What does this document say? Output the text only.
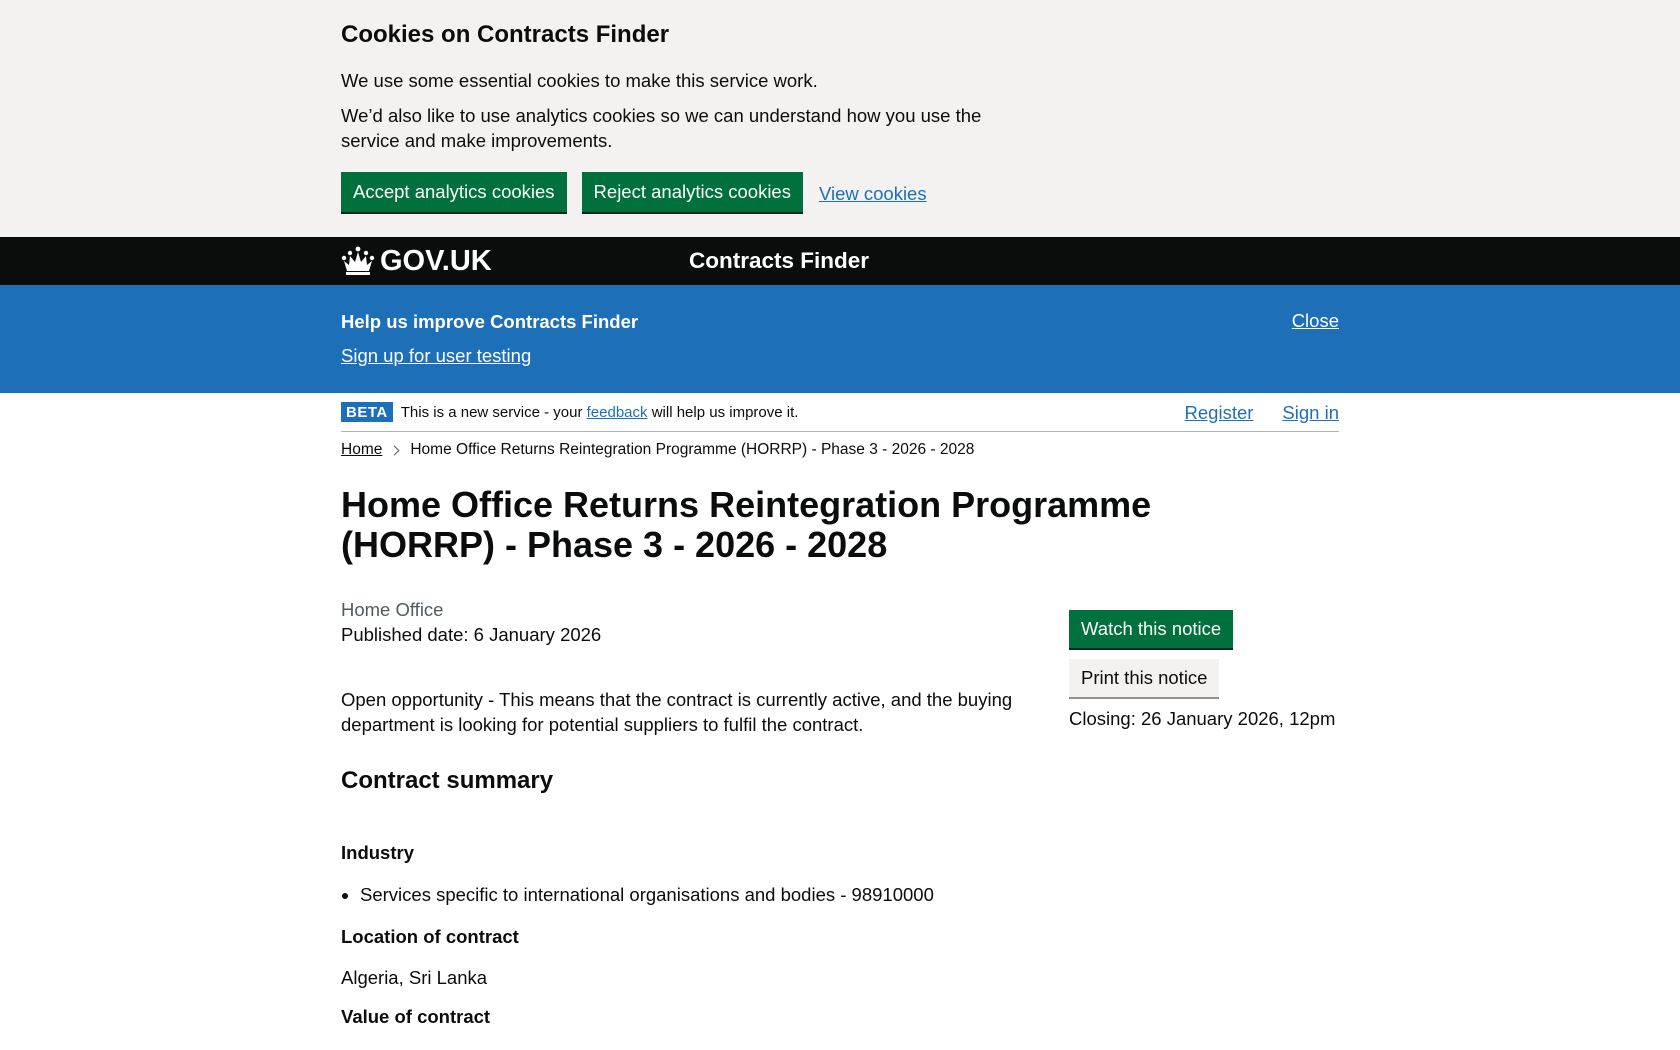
Cookies on Contracts Finder

We use some essential cookies to make this service work.

We’d also like to use analytics cookies so we can understand how you use the service and make improvements.

Accept analytics cookies	Reject analytics cookies	View cookies
GOV.UK	Contracts Finder
Help us improve Contracts Finder
Sign up for user testing
Close
BETA This is a new service - your feedback will help us improve it.	Register Sign in
Home Home Office Returns Reintegration Programme (HORRP) - Phase 3 - 2026 - 2028
Home Office Returns Reintegration Programme (HORRP) - Phase 3 - 2026 - 2028
Home Office
Published date: 6 January 2026

Open opportunity - This means that the contract is currently active, and the buying department is looking for potential suppliers to fulfil the contract.

Contract summary
Industry
• Services specific to international organisations and bodies - 98910000
Location of contract
Algeria, Sri Lanka
Value of contract
Watch this notice
Print this notice
Closing: 26 January 2026, 12pm
